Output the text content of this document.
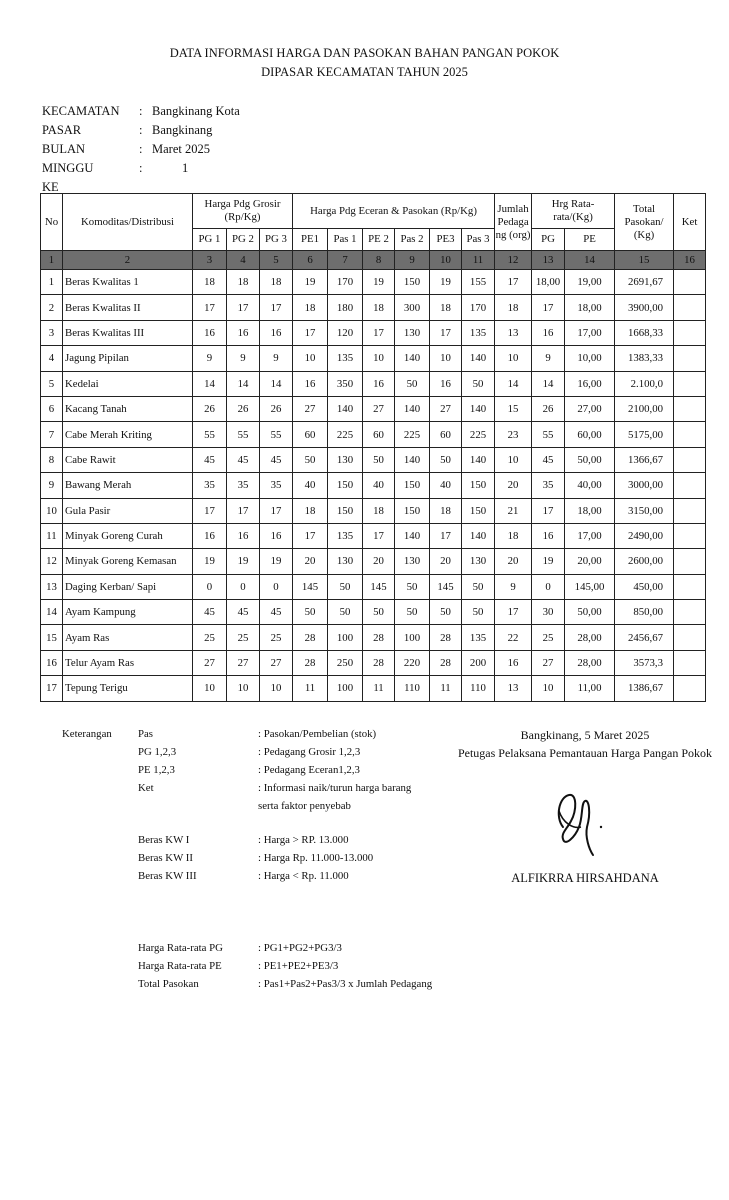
DATA INFORMASI HARGA DAN PASOKAN BAHAN PANGAN POKOK
DIPASAR KECAMATAN TAHUN 2025
KECAMATAN : Bangkinang Kota
PASAR	: Bangkinang
BULAN	: Maret 2025
MINGGU KE
:	1
No	Komoditas/Distribusi	Harga Pdg Grosir (Rp/Kg)			Harga Pdg Eceran & Pasokan (Rp/Kg)						Jumlah Pedaga ng (org)	Hrg Rata-rata/(Kg)		Total Pasokan/ (Kg)	Ket
		PG 1	PG 2	PG 3	PE1	Pas 1	PE 2	Pas 2	PE3	Pas 3		PG	PE		
1	2	3	4	5	6	7	8	9	10	11	12	13	14	15	16
1	Beras Kwalitas 1	18	18	18	19	170	19	150	19	155	17	18,00	19,00	2691,67	
2	Beras Kwalitas II	17	17	17	18	180	18	300	18	170	18	17	18,00	3900,00	
3	Beras Kwalitas III	16	16	16	17	120	17	130	17	135	13	16	17,00	1668,33	
4	Jagung Pipilan	9	9	9	10	135	10	140	10	140	10	9	10,00	1383,33	
5	Kedelai	14	14	14	16	350	16	50	16	50	14	14	16,00	2.100,0	
6	Kacang Tanah	26	26	26	27	140	27	140	27	140	15	26	27,00	2100,00	
7	Cabe Merah Kriting	55	55	55	60	225	60	225	60	225	23	55	60,00	5175,00	
8	Cabe Rawit	45	45	45	50	130	50	140	50	140	10	45	50,00	1366,67	
9	Bawang Merah	35	35	35	40	150	40	150	40	150	20	35	40,00	3000,00	
10	Gula Pasir	17	17	17	18	150	18	150	18	150	21	17	18,00	3150,00	
11	Minyak Goreng Curah	16	16	16	17	135	17	140	17	140	18	16	17,00	2490,00	
12	Minyak Goreng Kemasan	19	19	19	20	130	20	130	20	130	20	19	20,00	2600,00	
13	Daging Kerban/ Sapi	0	0	0	145	50	145	50	145	50	9	0	145,00	450,00	
14	Ayam Kampung	45	45	45	50	50	50	50	50	50	17	30	50,00	850,00	
15	Ayam Ras	25	25	25	28	100	28	100	28	135	22	25	28,00	2456,67	
16	Telur Ayam Ras	27	27	27	28	250	28	220	28	200	16	27	28,00	3573,3	
17	Tepung Terigu	10	10	10	11	100	11	110	11	110	13	10	11,00	1386,67	
Keterangan Pas	: Pasokan/Pembelian (stok)
PG 1,2,3	: Pedagang Grosir 1,2,3
PE 1,2,3	: Pedagang Eceran1,2,3
Ket	: Informasi naik/turun harga barang
serta faktor penyebab
Beras KW I	: Harga > RP. 13.000
Beras KW II	: Harga Rp. 11.000-13.000
Beras KW III	: Harga < Rp. 11.000
Harga Rata-rata PG	: PG1+PG2+PG3/3
Harga Rata-rata PE	: PE1+PE2+PE3/3
Total Pasokan	: Pas1+Pas2+Pas3/3 x Jumlah Pedagang
Bangkinang, 5 Maret 2025
Petugas Pelaksana Pemantauan Harga Pangan Pokok
ALFIKRRA HIRSAHDANA
